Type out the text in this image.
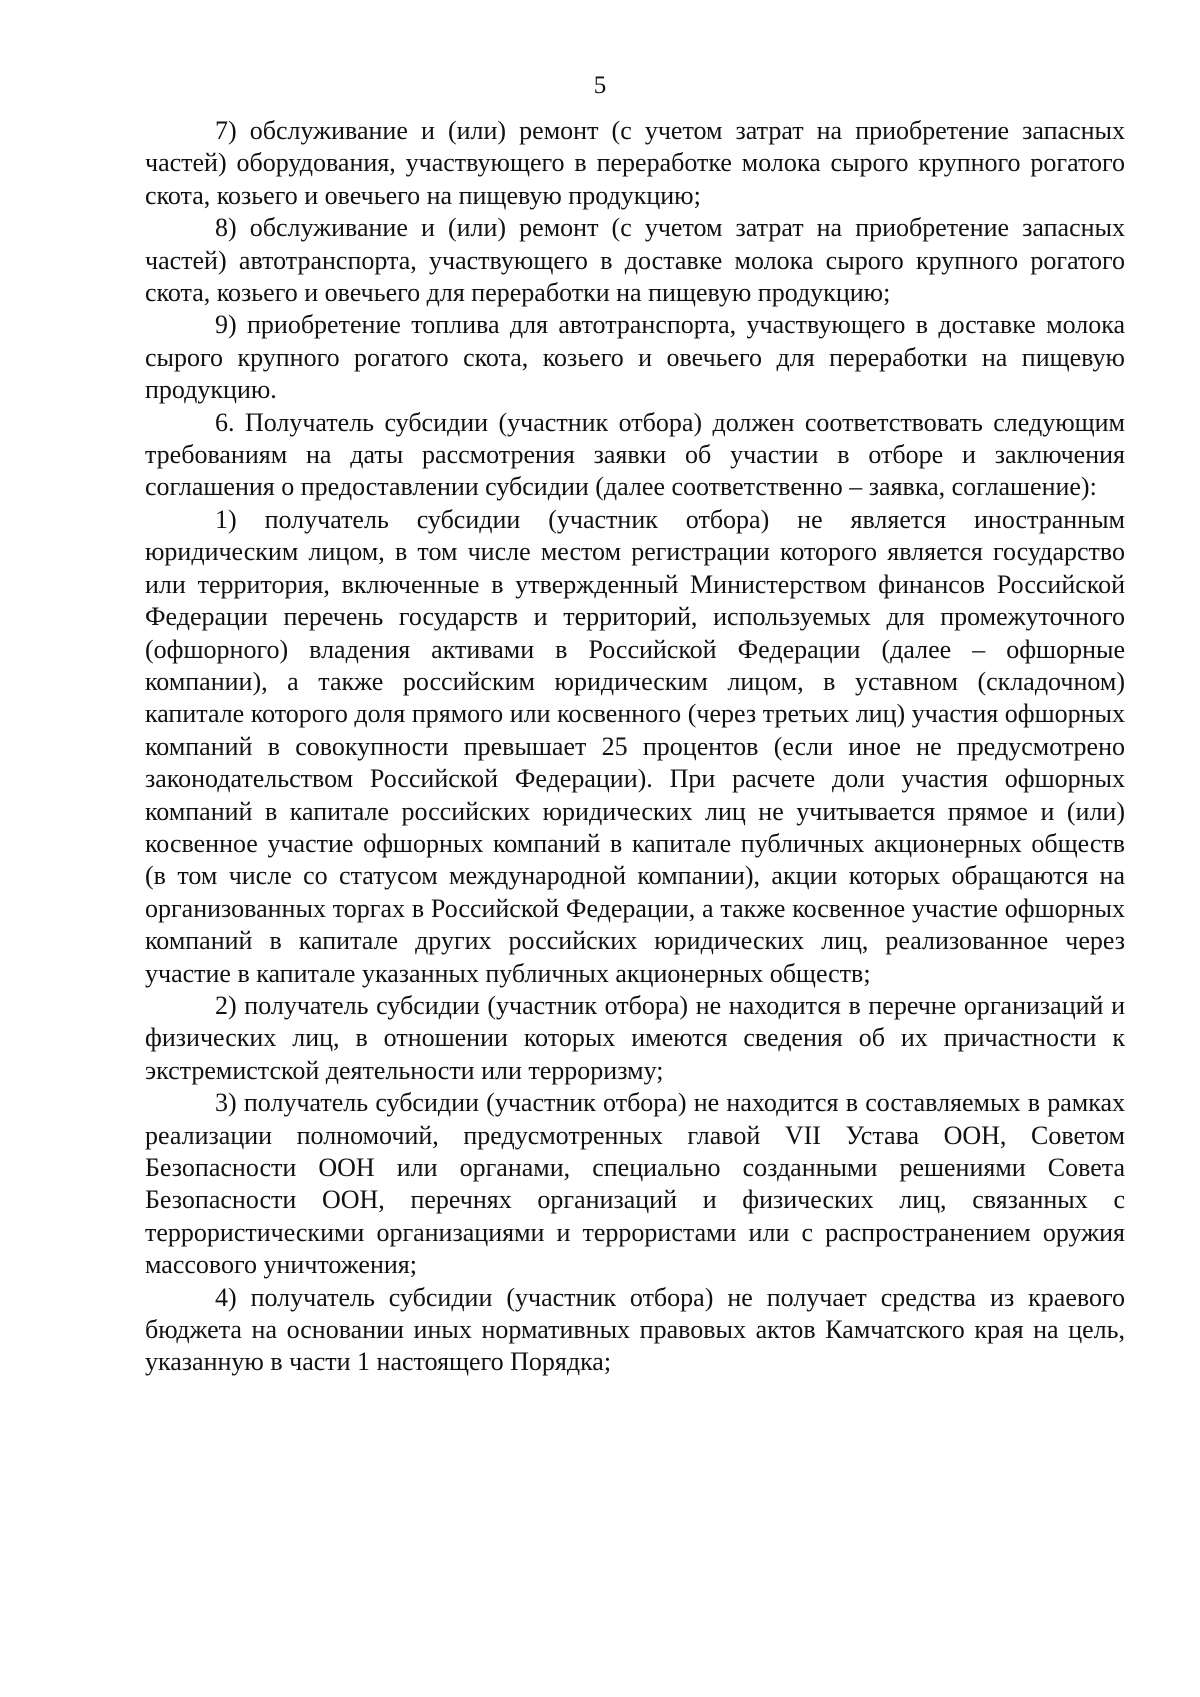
5

7) обслуживание и (или) ремонт (с учетом затрат на приобретение запасных частей) оборудования, участвующего в переработке молока сырого крупного рогатого скота, козьего и овечьего на пищевую продукцию;

8) обслуживание и (или) ремонт (с учетом затрат на приобретение запасных частей) автотранспорта, участвующего в доставке молока сырого крупного рогатого скота, козьего и овечьего для переработки на пищевую продукцию;

9) приобретение топлива для автотранспорта, участвующего в доставке молока сырого крупного рогатого скота, козьего и овечьего для переработки на пищевую продукцию.

6. Получатель субсидии (участник отбора) должен соответствовать следующим требованиям на даты рассмотрения заявки об участии в отборе и заключения соглашения о предоставлении субсидии (далее соответственно – заявка, соглашение):

1) получатель субсидии (участник отбора) не является иностранным юридическим лицом, в том числе местом регистрации которого является государство или территория, включенные в утвержденный Министерством финансов Российской Федерации перечень государств и территорий, используемых для промежуточного (офшорного) владения активами в Российской Федерации (далее – офшорные компании), а также российским юридическим лицом, в уставном (складочном) капитале которого доля прямого или косвенного (через третьих лиц) участия офшорных компаний в совокупности превышает 25 процентов (если иное не предусмотрено законодательством Российской Федерации). При расчете доли участия офшорных компаний в капитале российских юридических лиц не учитывается прямое и (или) косвенное участие офшорных компаний в капитале публичных акционерных обществ (в том числе со статусом международной компании), акции которых обращаются на организованных торгах в Российской Федерации, а также косвенное участие офшорных компаний в капитале других российских юридических лиц, реализованное через участие в капитале указанных публичных акционерных обществ;

2) получатель субсидии (участник отбора) не находится в перечне организаций и физических лиц, в отношении которых имеются сведения об их причастности к экстремистской деятельности или терроризму;

3) получатель субсидии (участник отбора) не находится в составляемых в рамках реализации полномочий, предусмотренных главой VII Устава ООН, Советом Безопасности ООН или органами, специально созданными решениями Совета Безопасности ООН, перечнях организаций и физических лиц, связанных с террористическими организациями и террористами или с распространением оружия массового уничтожения;

4) получатель субсидии (участник отбора) не получает средства из краевого бюджета на основании иных нормативных правовых актов Камчатского края на цель, указанную в части 1 настоящего Порядка;
